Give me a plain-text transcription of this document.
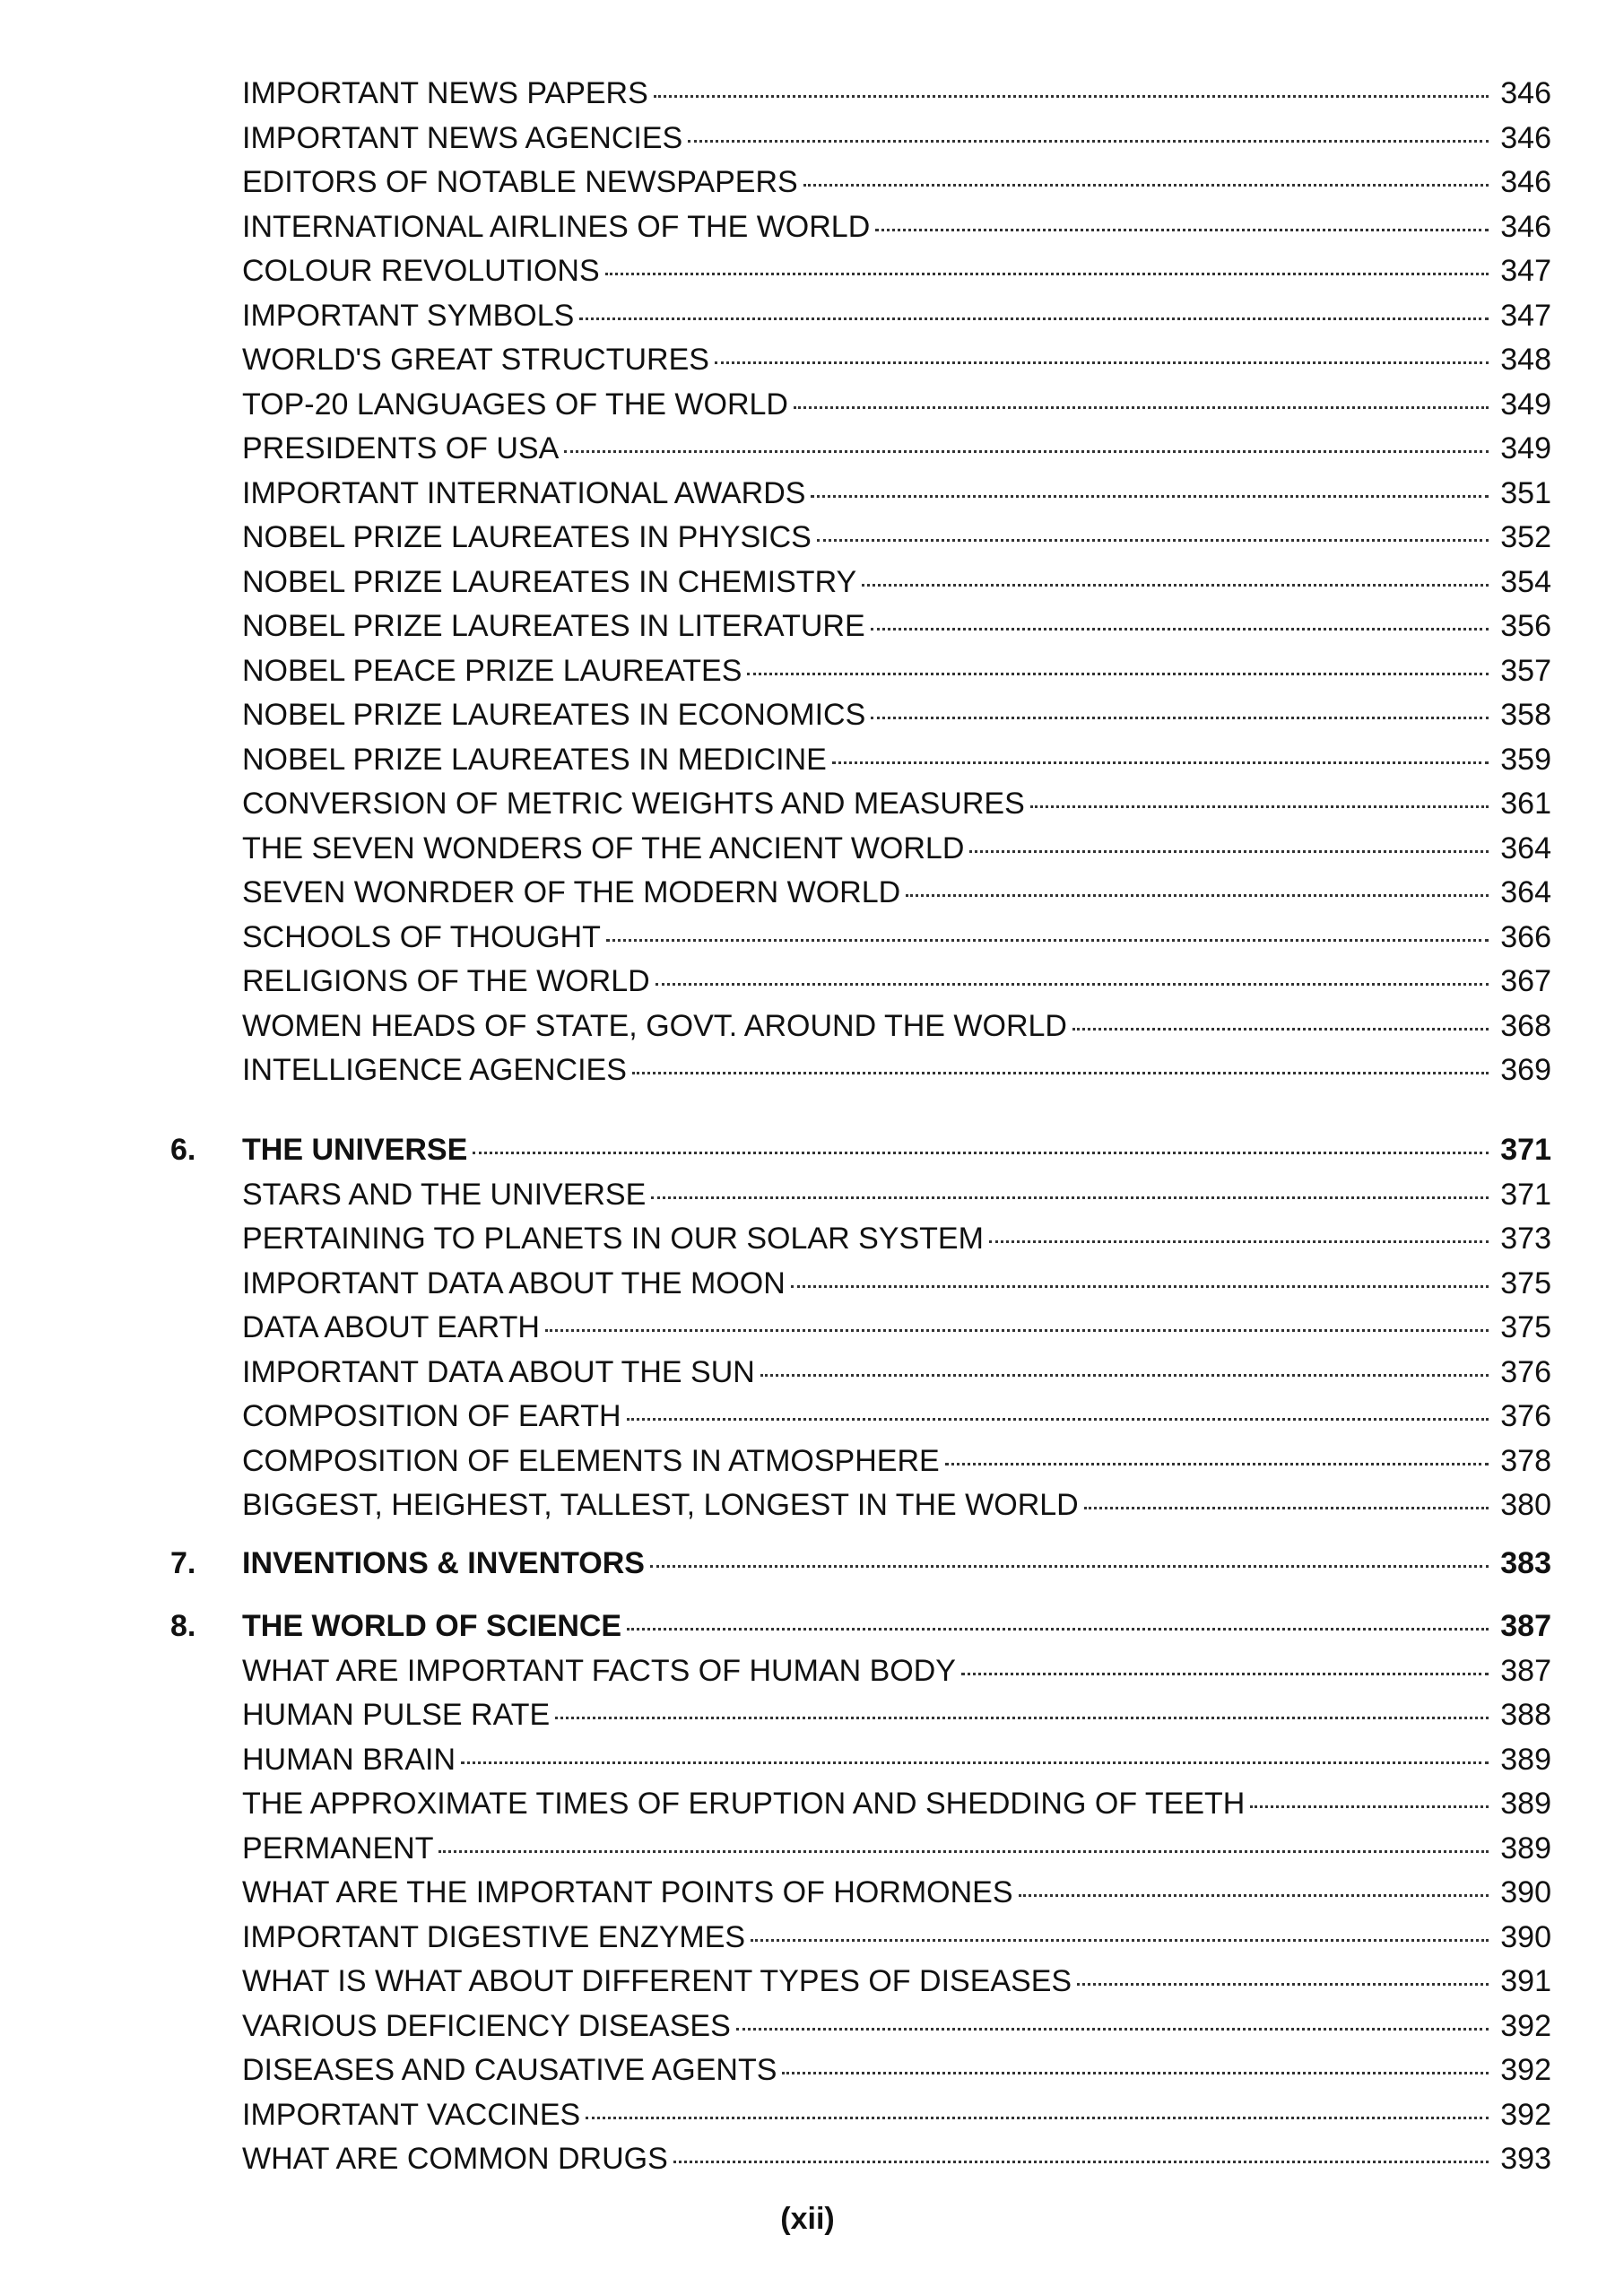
IMPORTANT NEWS PAPERS	346
IMPORTANT NEWS AGENCIES	346
EDITORS OF NOTABLE NEWSPAPERS	346
INTERNATIONAL AIRLINES OF THE WORLD	346
COLOUR REVOLUTIONS	347
IMPORTANT SYMBOLS	347
WORLD'S GREAT STRUCTURES	348
TOP-20 LANGUAGES OF THE WORLD	349
PRESIDENTS OF USA	349
IMPORTANT INTERNATIONAL AWARDS	351
NOBEL PRIZE LAUREATES IN PHYSICS	352
NOBEL PRIZE LAUREATES IN CHEMISTRY	354
NOBEL PRIZE LAUREATES IN LITERATURE	356
NOBEL PEACE PRIZE LAUREATES	357
NOBEL PRIZE LAUREATES IN ECONOMICS	358
NOBEL PRIZE LAUREATES IN MEDICINE	359
CONVERSION OF METRIC WEIGHTS AND MEASURES	361
THE SEVEN WONDERS OF THE ANCIENT WORLD	364
SEVEN WONRDER OF THE MODERN WORLD	364
SCHOOLS OF THOUGHT	366
RELIGIONS OF THE WORLD	367
WOMEN HEADS OF STATE, GOVT. AROUND THE WORLD	368
INTELLIGENCE AGENCIES	369
6.	THE UNIVERSE	371
STARS AND THE UNIVERSE	371
PERTAINING TO PLANETS IN OUR SOLAR SYSTEM	373
IMPORTANT DATA ABOUT THE MOON	375
DATA ABOUT EARTH	375
IMPORTANT DATA ABOUT THE SUN	376
COMPOSITION OF EARTH	376
COMPOSITION OF ELEMENTS IN ATMOSPHERE	378
BIGGEST, HEIGHEST, TALLEST, LONGEST IN THE WORLD	380
7.	INVENTIONS & INVENTORS	383
8.	THE WORLD OF SCIENCE	387
WHAT ARE IMPORTANT FACTS OF HUMAN BODY	387
HUMAN PULSE RATE	388
HUMAN BRAIN	389
THE APPROXIMATE TIMES OF ERUPTION AND SHEDDING OF TEETH	389
PERMANENT	389
WHAT ARE THE IMPORTANT POINTS OF HORMONES	390
IMPORTANT DIGESTIVE ENZYMES	390
WHAT IS WHAT ABOUT DIFFERENT TYPES OF DISEASES	391
VARIOUS DEFICIENCY DISEASES	392
DISEASES AND CAUSATIVE AGENTS	392
IMPORTANT VACCINES	392
WHAT ARE COMMON DRUGS	393
(xii)
